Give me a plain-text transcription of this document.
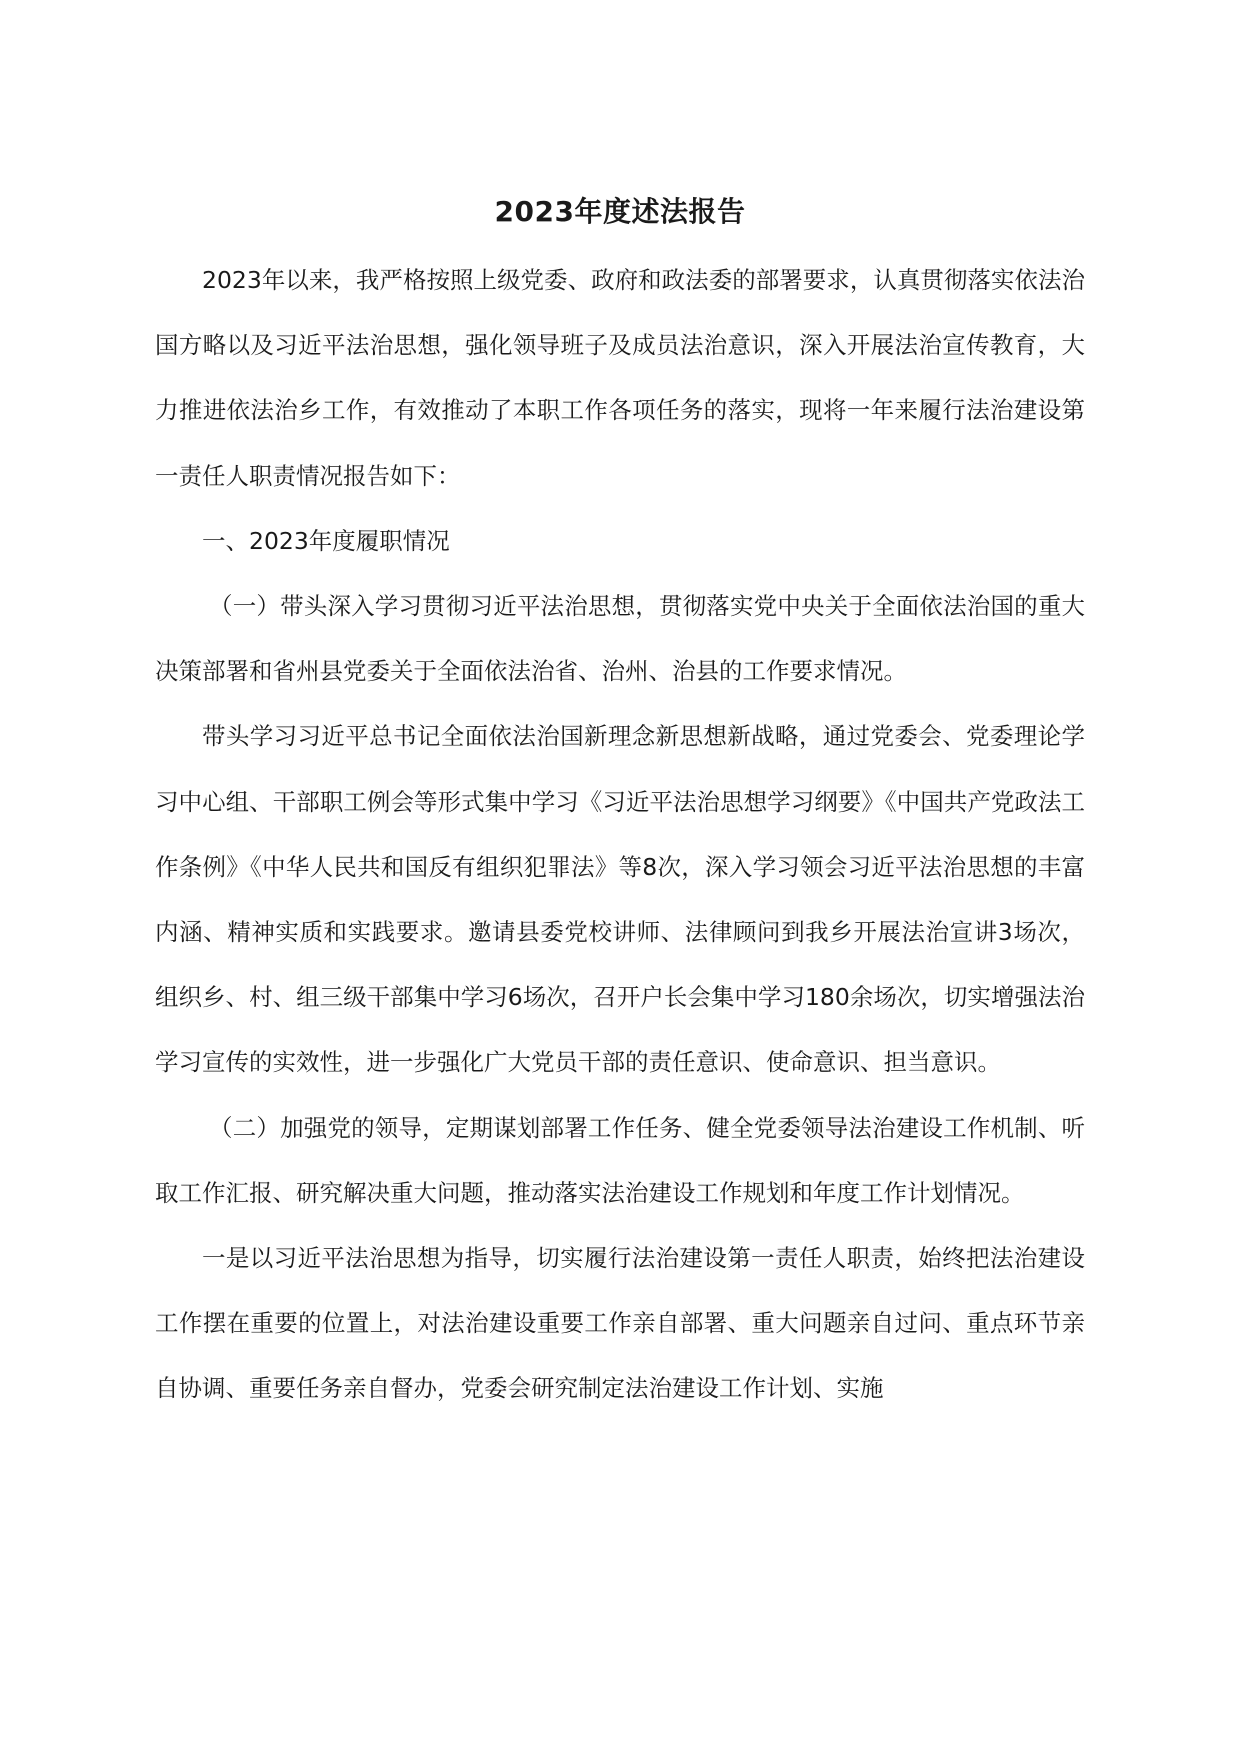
2023年度述法报告

2023年以来，我严格按照上级党委、政府和政法委的部署要求，认真贯彻落实依法治国方略以及习近平法治思想，强化领导班子及成员法治意识，深入开展法治宣传教育，大力推进依法治乡工作，有效推动了本职工作各项任务的落实，现将一年来履行法治建设第一责任人职责情况报告如下：

一、2023年度履职情况

（一）带头深入学习贯彻习近平法治思想，贯彻落实党中央关于全面依法治国的重大决策部署和省州县党委关于全面依法治省、治州、治县的工作要求情况。

带头学习习近平总书记全面依法治国新理念新思想新战略，通过党委会、党委理论学习中心组、干部职工例会等形式集中学习《习近平法治思想学习纲要》《中国共产党政法工作条例》《中华人民共和国反有组织犯罪法》等8次，深入学习领会习近平法治思想的丰富内涵、精神实质和实践要求。邀请县委党校讲师、法律顾问到我乡开展法治宣讲3场次，组织乡、村、组三级干部集中学习6场次，召开户长会集中学习180余场次，切实增强法治学习宣传的实效性，进一步强化广大党员干部的责任意识、使命意识、担当意识。

（二）加强党的领导，定期谋划部署工作任务、健全党委领导法治建设工作机制、听取工作汇报、研究解决重大问题，推动落实法治建设工作规划和年度工作计划情况。

一是以习近平法治思想为指导，切实履行法治建设第一责任人职责，始终把法治建设工作摆在重要的位置上，对法治建设重要工作亲自部署、重大问题亲自过问、重点环节亲自协调、重要任务亲自督办，党委会研究制定法治建设工作计划、实施
